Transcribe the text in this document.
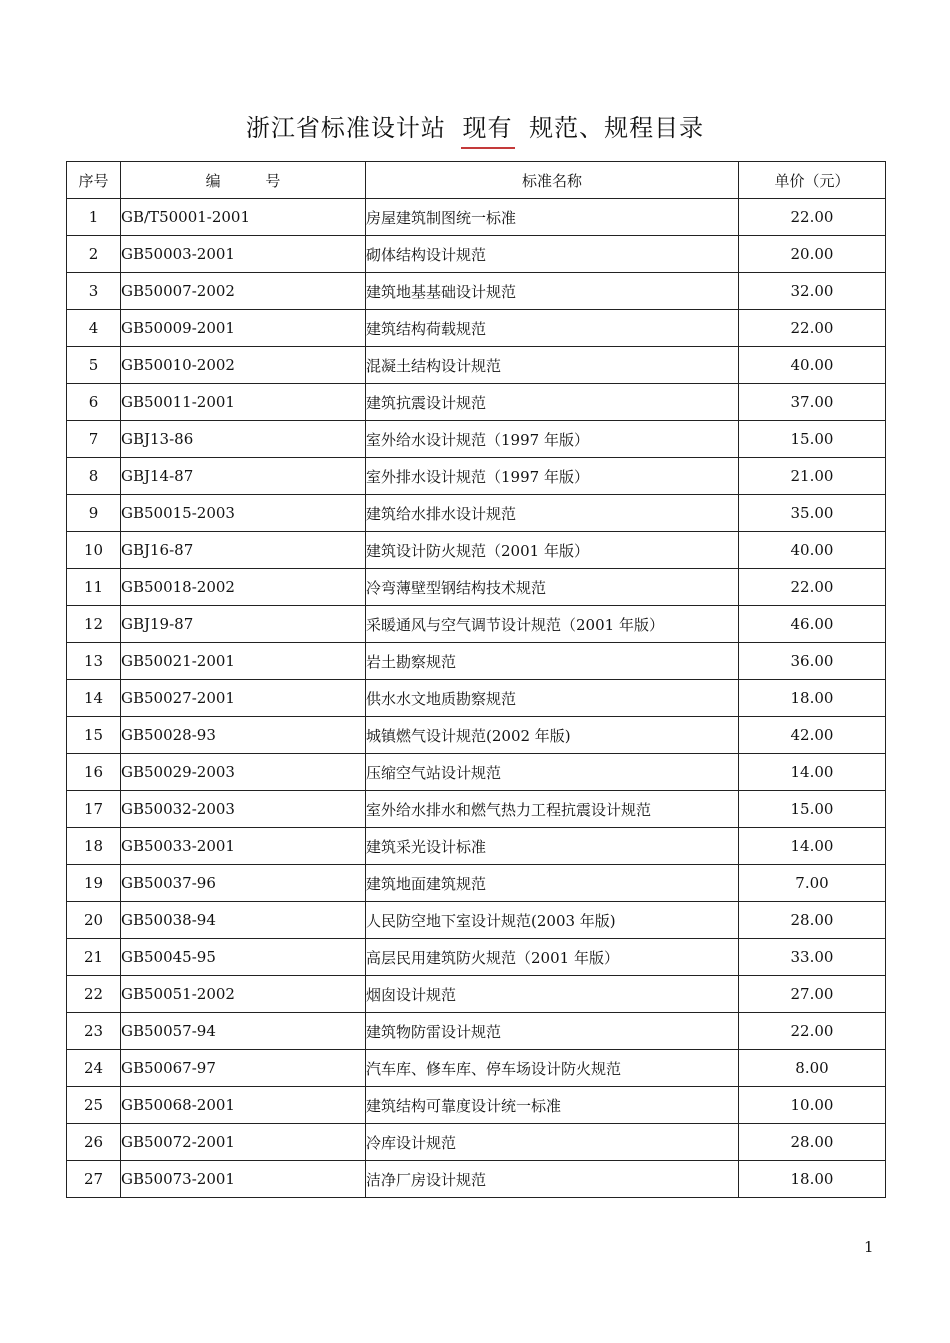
浙江省标准设计站 现有 规范、规程目录
序号	编 号	标准名称	单价（元）
1	GB/T50001-2001	房屋建筑制图统一标准	22.00
2	GB50003-2001	砌体结构设计规范	20.00
3	GB50007-2002	建筑地基基础设计规范	32.00
4	GB50009-2001	建筑结构荷载规范	22.00
5	GB50010-2002	混凝土结构设计规范	40.00
6	GB50011-2001	建筑抗震设计规范	37.00
7	GBJ13-86	室外给水设计规范（1997 年版）	15.00
8	GBJ14-87	室外排水设计规范（1997 年版）	21.00
9	GB50015-2003	建筑给水排水设计规范	35.00
10	GBJ16-87	建筑设计防火规范（2001 年版）	40.00
11	GB50018-2002	冷弯薄壁型钢结构技术规范	22.00
12	GBJ19-87	采暖通风与空气调节设计规范（2001 年版）	46.00
13	GB50021-2001	岩土勘察规范	36.00
14	GB50027-2001	供水水文地质勘察规范	18.00
15	GB50028-93	城镇燃气设计规范(2002 年版)	42.00
16	GB50029-2003	压缩空气站设计规范	14.00
17	GB50032-2003	室外给水排水和燃气热力工程抗震设计规范	15.00
18	GB50033-2001	建筑采光设计标准	14.00
19	GB50037-96	建筑地面建筑规范	7.00
20	GB50038-94	人民防空地下室设计规范(2003 年版)	28.00
21	GB50045-95	高层民用建筑防火规范（2001 年版）	33.00
22	GB50051-2002	烟囱设计规范	27.00
23	GB50057-94	建筑物防雷设计规范	22.00
24	GB50067-97	汽车库、修车库、停车场设计防火规范	8.00
25	GB50068-2001	建筑结构可靠度设计统一标准	10.00
26	GB50072-2001	冷库设计规范	28.00
27	GB50073-2001	洁净厂房设计规范	18.00
1
